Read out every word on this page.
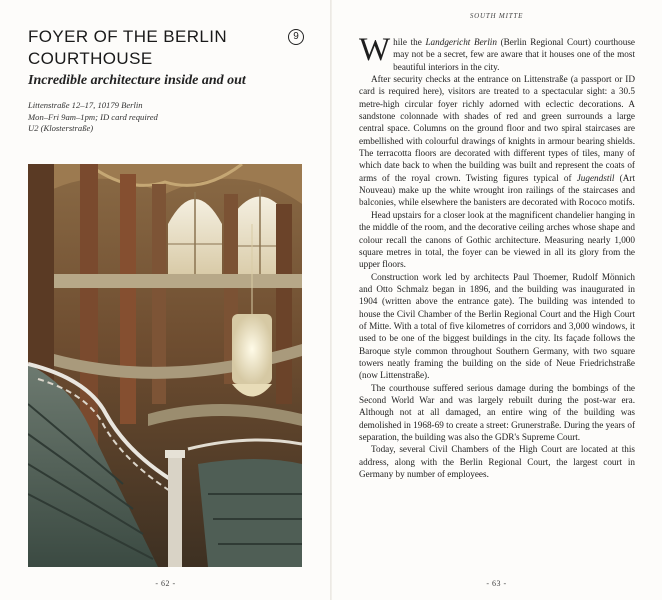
FOYER OF THE BERLIN COURTHOUSE
9
Incredible architecture inside and out
Littenstraße 12–17, 10179 Berlin
Mon–Fri 9am–1pm; ID card required
U2 (Klosterstraße)
- 62 -
SOUTH MITTE

While the Landgericht Berlin (Berlin Regional Court) courthouse may not be a secret, few are aware that it houses one of the most beautiful interiors in the city.

After security checks at the entrance on Littenstraße (a passport or ID card is required here), visitors are treated to a spectacular sight: a 30.5 metre-high circular foyer richly adorned with eclectic decorations. A sandstone colonnade with shades of red and green surrounds a large central space. Columns on the ground floor and two spiral staircases are embellished with colourful drawings of knights in armour bearing shields. The terracotta floors are decorated with different types of tiles, many of which date back to when the building was built and represent the coats of arms of the royal crown. Twisting figures typical of Jugendstil (Art Nouveau) make up the white wrought iron railings of the staircases and balconies, while elsewhere the banisters are decorated with Rococo motifs.

Head upstairs for a closer look at the magnificent chandelier hanging in the middle of the room, and the decorative ceiling arches whose shape and colour recall the canons of Gothic architecture. Measuring nearly 1,000 square metres in total, the foyer can be viewed in all its glory from the upper floors.

Construction work led by architects Paul Thoemer, Rudolf Mönnich and Otto Schmalz began in 1896, and the building was inaugurated in 1904 (written above the entrance gate). The building was intended to house the Civil Chamber of the Berlin Regional Court and the High Court of Mitte. With a total of five kilometres of corridors and 3,000 windows, it used to be one of the biggest buildings in the city. Its façade follows the Baroque style common throughout Southern Germany, with two square towers neatly framing the building on the side of Neue Friedrichstraße (now Littenstraße).

The courthouse suffered serious damage during the bombings of the Second World War and was largely rebuilt during the post-war era. Although not at all damaged, an entire wing of the building was demolished in 1968-69 to create a street: Grunerstraße. During the years of separation, the building was also the GDR's Supreme Court.

Today, several Civil Chambers of the High Court are located at this address, along with the Berlin Regional Court, the largest court in Germany by number of employees.

- 63 -
